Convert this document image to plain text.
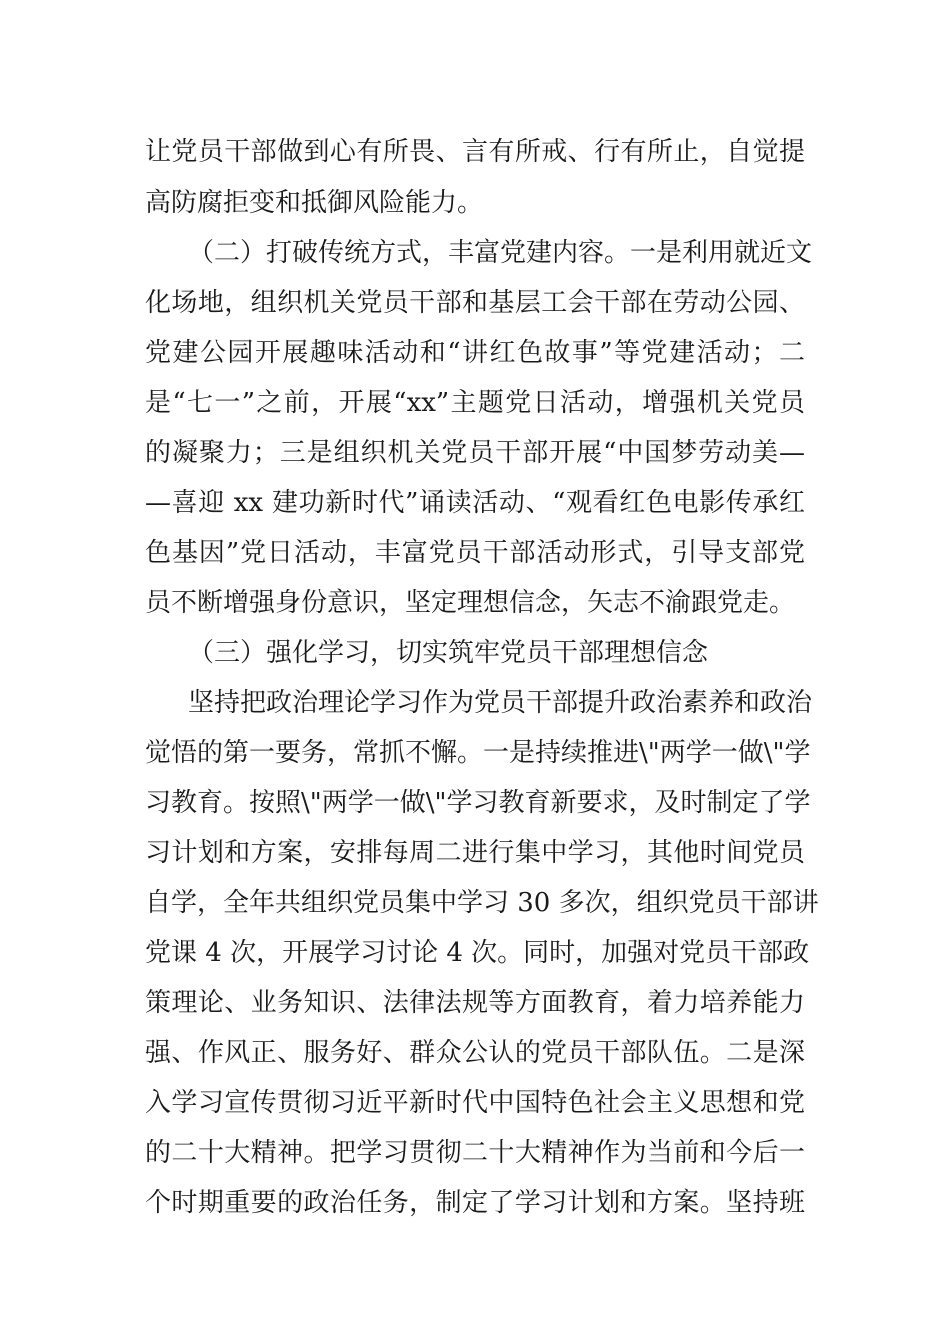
让党员干部做到心有所畏、言有所戒、行有所止，自觉提
高防腐拒变和抵御风险能力。
（二）打破传统方式，丰富党建内容。一是利用就近文
化场地，组织机关党员干部和基层工会干部在劳动公园、
党建公园开展趣味活动和“讲红色故事”等党建活动；二
是“七一”之前，开展“xx”主题党日活动，增强机关党员
的凝聚力；三是组织机关党员干部开展“中国梦劳动美—
—喜迎 xx 建功新时代”诵读活动、“观看红色电影传承红
色基因”党日活动，丰富党员干部活动形式，引导支部党
员不断增强身份意识，坚定理想信念，矢志不渝跟党走。
（三）强化学习，切实筑牢党员干部理想信念
坚持把政治理论学习作为党员干部提升政治素养和政治
觉悟的第一要务，常抓不懈。一是持续推进\"两学一做\"学
习教育。按照\"两学一做\"学习教育新要求，及时制定了学
习计划和方案，安排每周二进行集中学习，其他时间党员
自学，全年共组织党员集中学习 30 多次，组织党员干部讲
党课 4 次，开展学习讨论 4 次。同时，加强对党员干部政
策理论、业务知识、法律法规等方面教育，着力培养能力
强、作风正、服务好、群众公认的党员干部队伍。二是深
入学习宣传贯彻习近平新时代中国特色社会主义思想和党
的二十大精神。把学习贯彻二十大精神作为当前和今后一
个时期重要的政治任务，制定了学习计划和方案。坚持班
